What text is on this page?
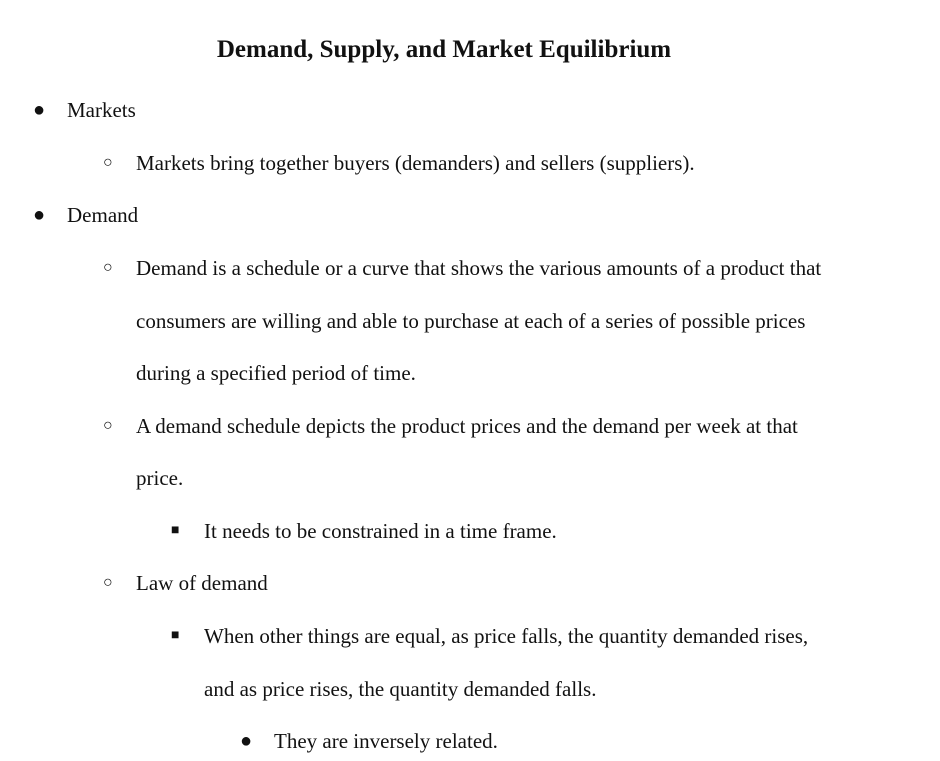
Demand, Supply, and Market Equilibrium
● Markets
○ Markets bring together buyers (demanders) and sellers (suppliers).
● Demand
○ Demand is a schedule or a curve that shows the various amounts of a product that
consumers are willing and able to purchase at each of a series of possible prices
during a specified period of time.
○ A demand schedule depicts the product prices and the demand per week at that
price.
■ It needs to be constrained in a time frame.
○ Law of demand
■ When other things are equal, as price falls, the quantity demanded rises,
and as price rises, the quantity demanded falls.
● They are inversely related.
